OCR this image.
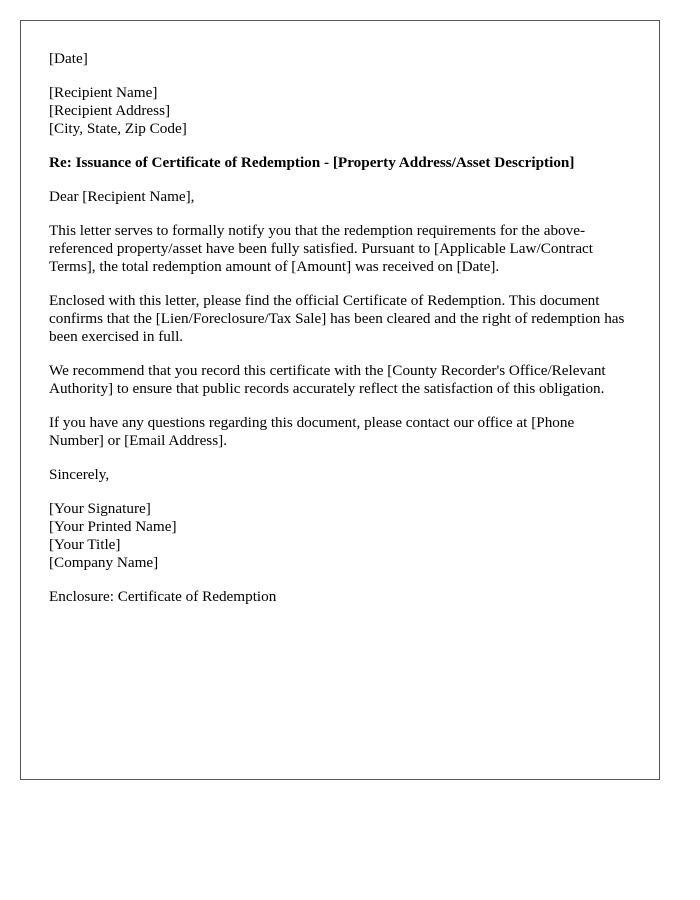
[Date]
[Recipient Name]
[Recipient Address]
[City, State, Zip Code]
Re: Issuance of Certificate of Redemption - [Property Address/Asset Description]
Dear [Recipient Name],
This letter serves to formally notify you that the redemption requirements for the above-referenced property/asset have been fully satisfied. Pursuant to [Applicable Law/Contract Terms], the total redemption amount of [Amount] was received on [Date].
Enclosed with this letter, please find the official Certificate of Redemption. This document confirms that the [Lien/Foreclosure/Tax Sale] has been cleared and the right of redemption has been exercised in full.
We recommend that you record this certificate with the [County Recorder's Office/Relevant Authority] to ensure that public records accurately reflect the satisfaction of this obligation.
If you have any questions regarding this document, please contact our office at [Phone Number] or [Email Address].
Sincerely,
[Your Signature]
[Your Printed Name]
[Your Title]
[Company Name]
Enclosure: Certificate of Redemption
